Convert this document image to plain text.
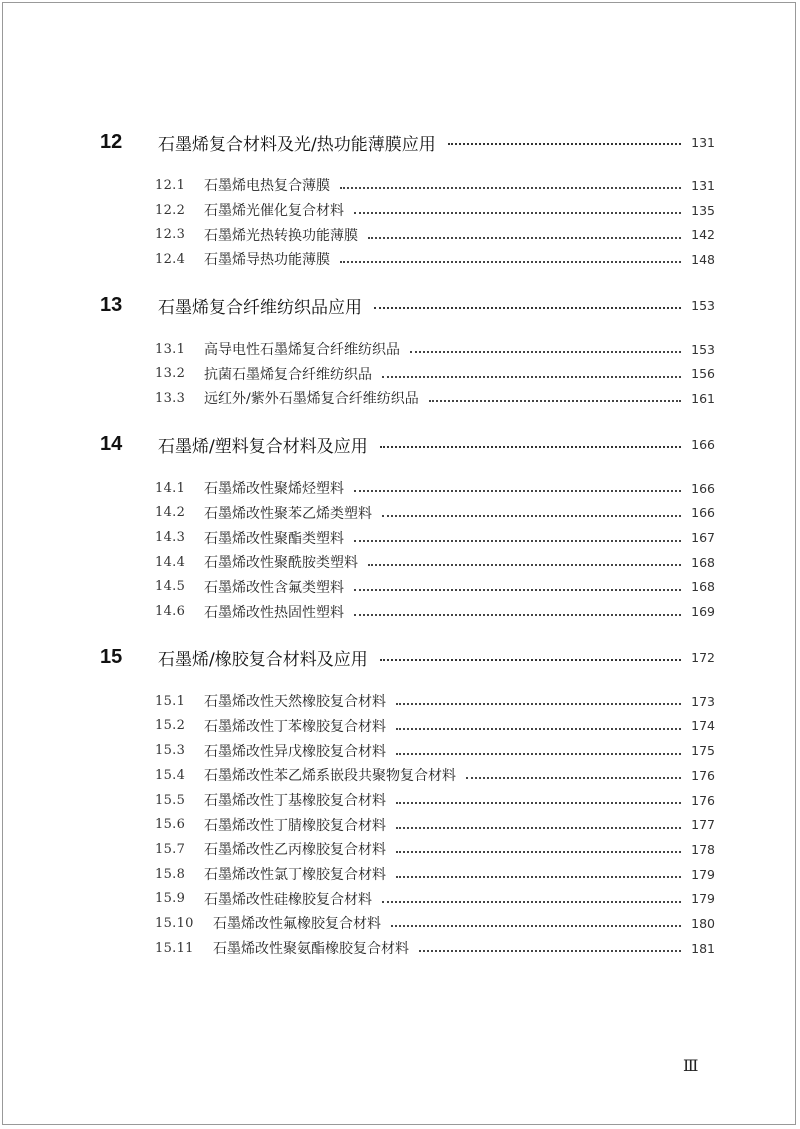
12	石墨烯复合材料及光/热功能薄膜应用	131
12.1	石墨烯电热复合薄膜	131
12.2	石墨烯光催化复合材料	135
12.3	石墨烯光热转换功能薄膜	142
12.4	石墨烯导热功能薄膜	148
13	石墨烯复合纤维纺织品应用	153
13.1	高导电性石墨烯复合纤维纺织品	153
13.2	抗菌石墨烯复合纤维纺织品	156
13.3	远红外/紫外石墨烯复合纤维纺织品	161
14	石墨烯/塑料复合材料及应用	166
14.1	石墨烯改性聚烯烃塑料	166
14.2	石墨烯改性聚苯乙烯类塑料	166
14.3	石墨烯改性聚酯类塑料	167
14.4	石墨烯改性聚酰胺类塑料	168
14.5	石墨烯改性含氟类塑料	168
14.6	石墨烯改性热固性塑料	169
15	石墨烯/橡胶复合材料及应用	172
15.1	石墨烯改性天然橡胶复合材料	173
15.2	石墨烯改性丁苯橡胶复合材料	174
15.3	石墨烯改性异戊橡胶复合材料	175
15.4	石墨烯改性苯乙烯系嵌段共聚物复合材料	176
15.5	石墨烯改性丁基橡胶复合材料	176
15.6	石墨烯改性丁腈橡胶复合材料	177
15.7	石墨烯改性乙丙橡胶复合材料	178
15.8	石墨烯改性氯丁橡胶复合材料	179
15.9	石墨烯改性硅橡胶复合材料	179
15.10	石墨烯改性氟橡胶复合材料	180
15.11	石墨烯改性聚氨酯橡胶复合材料	181
Ⅲ
